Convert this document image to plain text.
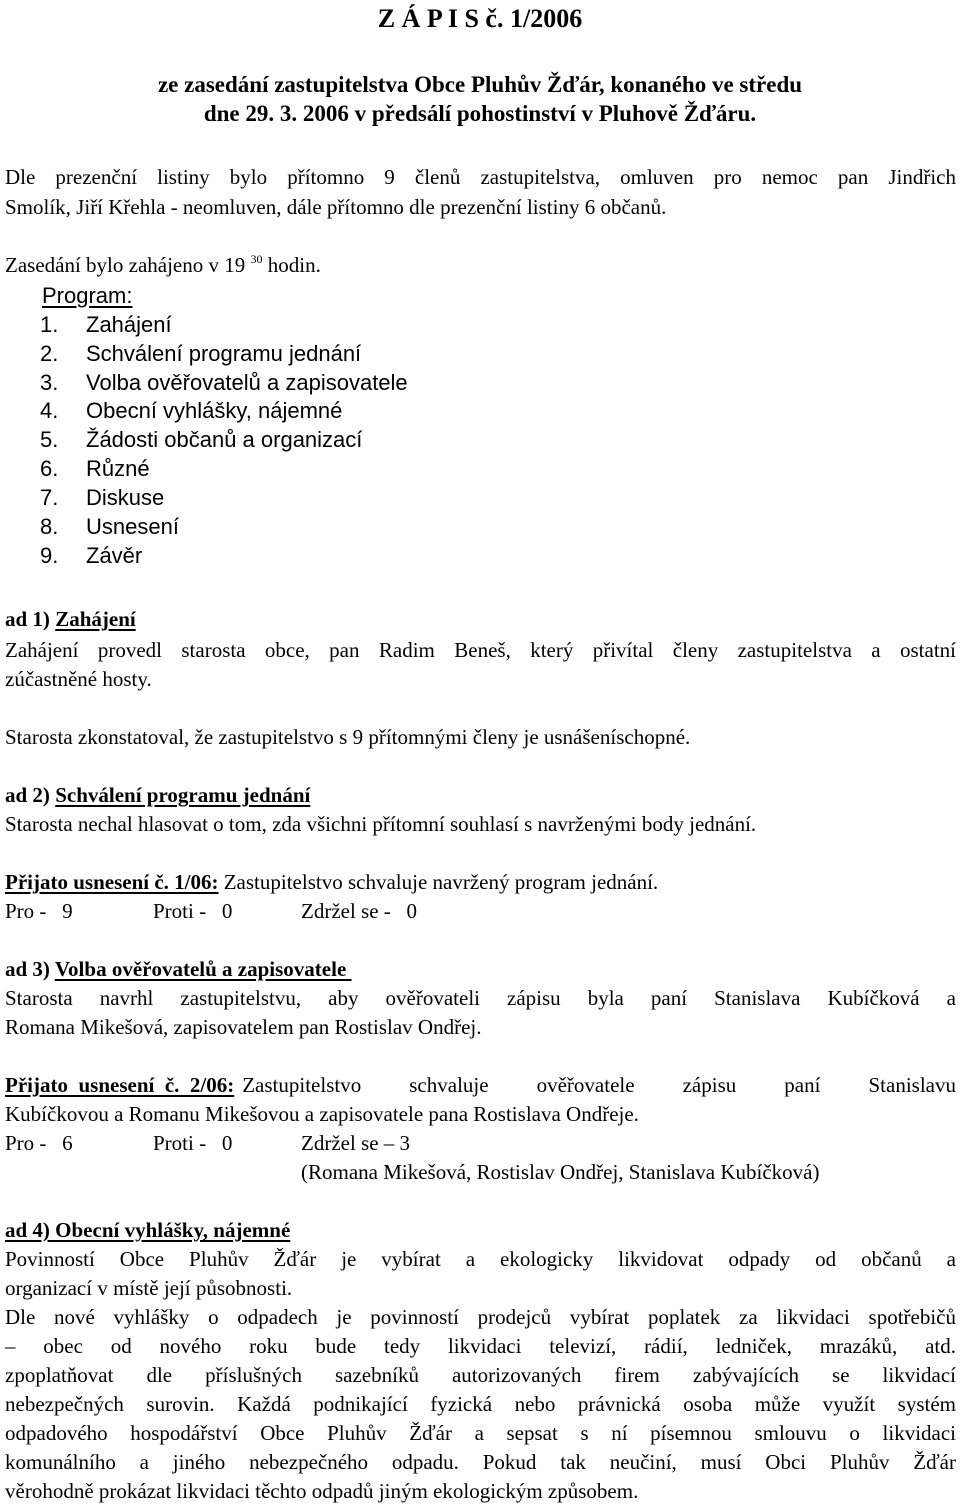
Z Á P I S č. 1/2006
ze zasedání zastupitelstva Obce Pluhův Žďár, konaného ve středu
dne 29. 3. 2006 v předsálí pohostinství v Pluhově Žďáru.
Dle prezenční listiny bylo přítomno 9 členů zastupitelstva, omluven pro nemoc pan Jindřich
Smolík, Jiří Křehla - neomluven, dále přítomno dle prezenční listiny 6 občanů.
Zasedání bylo zahájeno v 19 $^{30}$ hodin.
Program:
1. Zahájení
2. Schválení programu jednání
3. Volba ověřovatelů a zapisovatele
4. Obecní vyhlášky, nájemné
5. Žádosti občanů a organizací
6. Různé
7. Diskuse
8. Usnesení
9. Závěr
ad 1) Zahájení
Zahájení provedl starosta obce, pan Radim Beneš, který přivítal členy zastupitelstva a ostatní
zúčastněné hosty.
Starosta zkonstatoval, že zastupitelstvo s 9 přítomnými členy je usnášeníschopné.
ad 2) Schválení programu jednání
Starosta nechal hlasovat o tom, zda všichni přítomní souhlasí s navrženými body jednání.
Přijato usnesení č. 1/06: Zastupitelstvo schvaluje navržený program jednání.
Pro -   9	Proti -   0	Zdržel se -   0
ad 3) Volba ověřovatelů a zapisovatele
Starosta navrhl zastupitelstvu, aby ověřovateli zápisu byla paní Stanislava Kubíčková a
Romana Mikešová, zapisovatelem pan Rostislav Ondřej.
Přijato  usnesení  č.  2/06: Zastupitelstvo schvaluje ověřovatele zápisu paní Stanislavu
Kubíčkovou a Romanu Mikešovou a zapisovatele pana Rostislava Ondřeje.
Pro -   6	Proti -   0	Zdržel se – 3
(Romana Mikešová, Rostislav Ondřej, Stanislava Kubíčková)
ad 4) Obecní vyhlášky, nájemné
Povinností Obce Pluhův Žďár je vybírat a ekologicky likvidovat odpady od občanů a
organizací v místě její působnosti.
Dle nové vyhlášky o odpadech je povinností prodejců vybírat poplatek za likvidaci spotřebičů
– obec od nového roku bude tedy likvidaci televizí, rádií, ledniček, mrazáků, atd.
zpoplatňovat dle příslušných sazebníků autorizovaných firem zabývajících se likvidací
nebezpečných surovin. Každá podnikající fyzická nebo právnická osoba může využít systém
odpadového hospodářství Obce Pluhův Žďár a sepsat s ní písemnou smlouvu o likvidaci
komunálního a jiného nebezpečného odpadu. Pokud tak neučiní, musí Obci Pluhův Žďár
věrohodně prokázat likvidaci těchto odpadů jiným ekologickým způsobem.
